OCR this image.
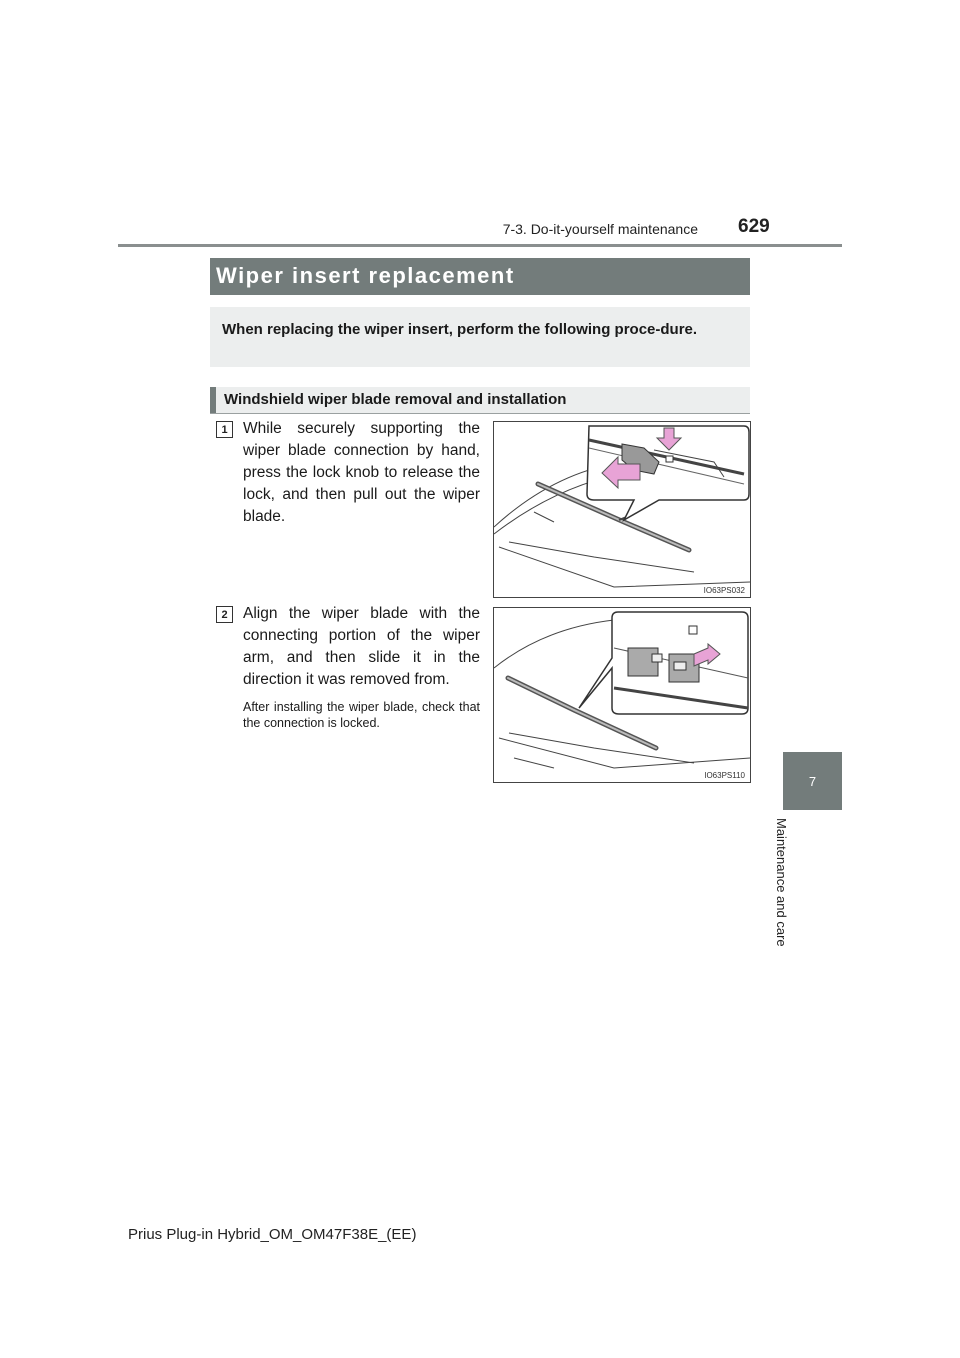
7-3. Do-it-yourself maintenance 629
7
Maintenance and care
Wiper insert replacement

When replacing the wiper insert, perform the following proce-dure.

Windshield wiper blade removal and installation
1 While securely supporting the wiper blade connection by hand, press the lock knob to release the lock, and then pull out the wiper blade.

IO63PS032
2 Align the wiper blade with the connecting portion of the wiper arm, and then slide it in the direction it was removed from.

After installing the wiper blade, check that the connection is locked.

IO63PS110
Prius Plug-in Hybrid_OM_OM47F38E_(EE)
